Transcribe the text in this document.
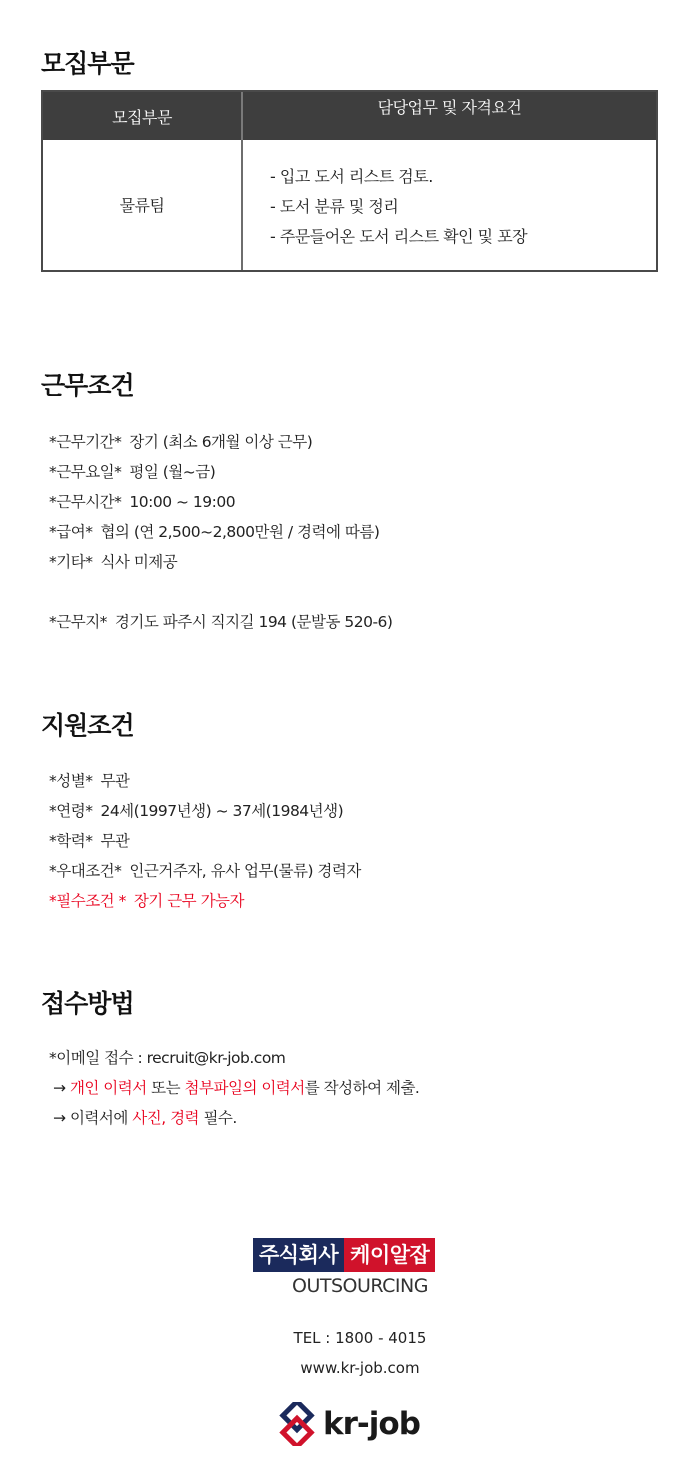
모집부문
모집부문
담당업무 및 자격요건
물류팀
- 입고 도서 리스트 검토.
- 도서 분류 및 정리
- 주문들어온 도서 리스트 확인 및 포장
근무조건
*근무기간* 장기 (최소 6개월 이상 근무)
*근무요일* 평일 (월~금)
*근무시간* 10:00 ~ 19:00
*급여* 협의 (연 2,500~2,800만원 / 경력에 따름)
*기타* 식사 미제공
*근무지* 경기도 파주시 직지길 194 (문발동 520-6)
지원조건
*성별* 무관
*연령* 24세(1997년생) ~ 37세(1984년생)
*학력* 무관
*우대조건* 인근거주자, 유사 업무(물류) 경력자
*필수조건 * 장기 근무 가능자
접수방법
*이메일 접수 : recruit@kr-job.com
→ 개인 이력서 또는 첨부파일의 이력서를 작성하여 제출.
→ 이력서에 사진, 경력 필수.
주식회사 케이알잡
OUTSOURCING
TEL : 1800 - 4015
www.kr-job.com
kr-job
